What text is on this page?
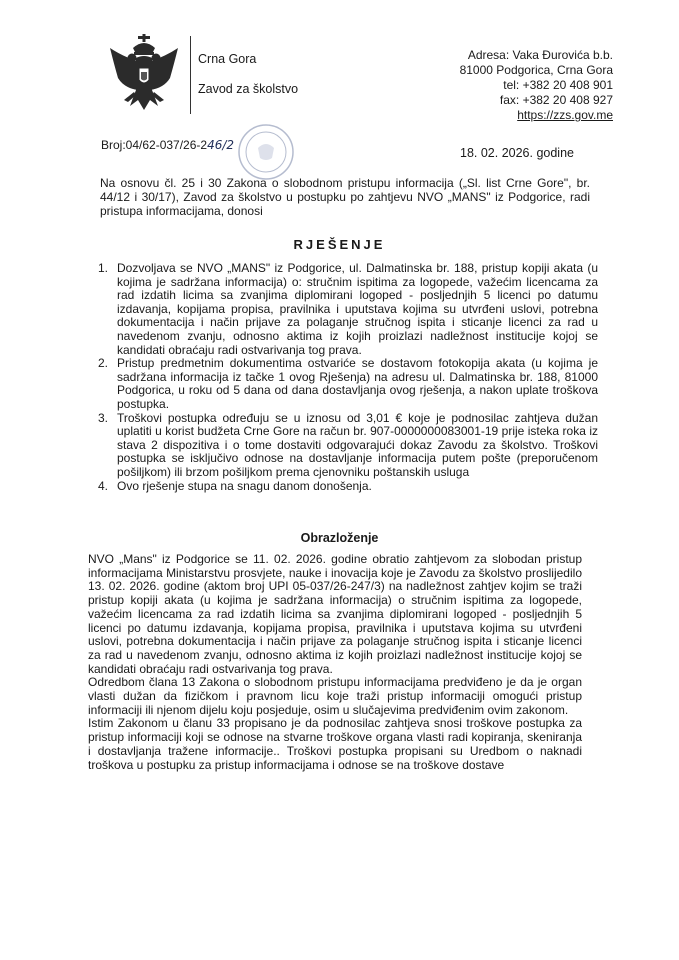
Crna Gora
Zavod za školstvo
Adresa: Vaka Đurovića b.b.
81000 Podgorica, Crna Gora
tel: +382 20 408 901
fax: +382 20 408 927
https://zzs.gov.me
Broj:04/62-037/26-246/2
18. 02. 2026. godine
Na osnovu čl. 25 i 30 Zakona o slobodnom pristupu informacija („Sl. list Crne Gore", br. 44/12 i 30/17), Zavod za školstvo u postupku po zahtjevu NVO „MANS" iz Podgorice, radi pristupa informacijama, donosi
RJEŠENJE
1. Dozvoljava se NVO „MANS" iz Podgorice, ul. Dalmatinska br. 188, pristup kopiji akata (u kojima je sadržana informacija) o: stručnim ispitima za logopede, važećim licencama za rad izdatih licima sa zvanjima diplomirani logoped - posljednjih 5 licenci po datumu izdavanja, kopijama propisa, pravilnika i uputstava kojima su utvrđeni uslovi, potrebna dokumentacija i način prijave za polaganje stručnog ispita i sticanje licenci za rad u navedenom zvanju, odnosno aktima iz kojih proizlazi nadležnost institucije kojoj se kandidati obraćaju radi ostvarivanja tog prava.
2. Pristup predmetnim dokumentima ostvariće se dostavom fotokopija akata (u kojima je sadržana informacija iz tačke 1 ovog Rješenja) na adresu ul. Dalmatinska br. 188, 81000 Podgorica, u roku od 5 dana od dana dostavljanja ovog rješenja, a nakon uplate troškova postupka.
3. Troškovi postupka određuju se u iznosu od 3,01 € koje je podnosilac zahtjeva dužan uplatiti u korist budžeta Crne Gore na račun br. 907-0000000083001-19 prije isteka roka iz stava 2 dispozitiva i o tome dostaviti odgovarajući dokaz Zavodu za školstvo. Troškovi postupka se isključivo odnose na dostavljanje informacija putem pošte (preporučenom pošiljkom) ili brzom pošiljkom prema cjenovniku poštanskih usluga
4. Ovo rješenje stupa na snagu danom donošenja.
Obrazloženje

NVO „Mans" iz Podgorice se 11. 02. 2026. godine obratio zahtjevom za slobodan pristup informacijama Ministarstvu prosvjete, nauke i inovacija koje je Zavodu za školstvo proslijedilo 13. 02. 2026. godine (aktom broj UPI 05-037/26-247/3) na nadležnost zahtjev kojim se traži pristup kopiji akata (u kojima je sadržana informacija) o stručnim ispitima za logopede, važećim licencama za rad izdatih licima sa zvanjima diplomirani logoped - posljednjih 5 licenci po datumu izdavanja, kopijama propisa, pravilnika i uputstava kojima su utvrđeni uslovi, potrebna dokumentacija i način prijave za polaganje stručnog ispita i sticanje licenci za rad u navedenom zvanju, odnosno aktima iz kojih proizlazi nadležnost institucije kojoj se kandidati obraćaju radi ostvarivanja tog prava.

Odredbom člana 13 Zakona o slobodnom pristupu informacijama predviđeno je da je organ vlasti dužan da fizičkom i pravnom licu koje traži pristup informaciji omogući pristup informaciji ili njenom dijelu koju posjeduje, osim u slučajevima predviđenim ovim zakonom.

Istim Zakonom u članu 33 propisano je da podnosilac zahtjeva snosi troškove postupka za pristup informaciji koji se odnose na stvarne troškove organa vlasti radi kopiranja, skeniranja i dostavljanja tražene informacije.. Troškovi postupka propisani su Uredbom o naknadi troškova u postupku za pristup informacijama i odnose se na troškove dostave
